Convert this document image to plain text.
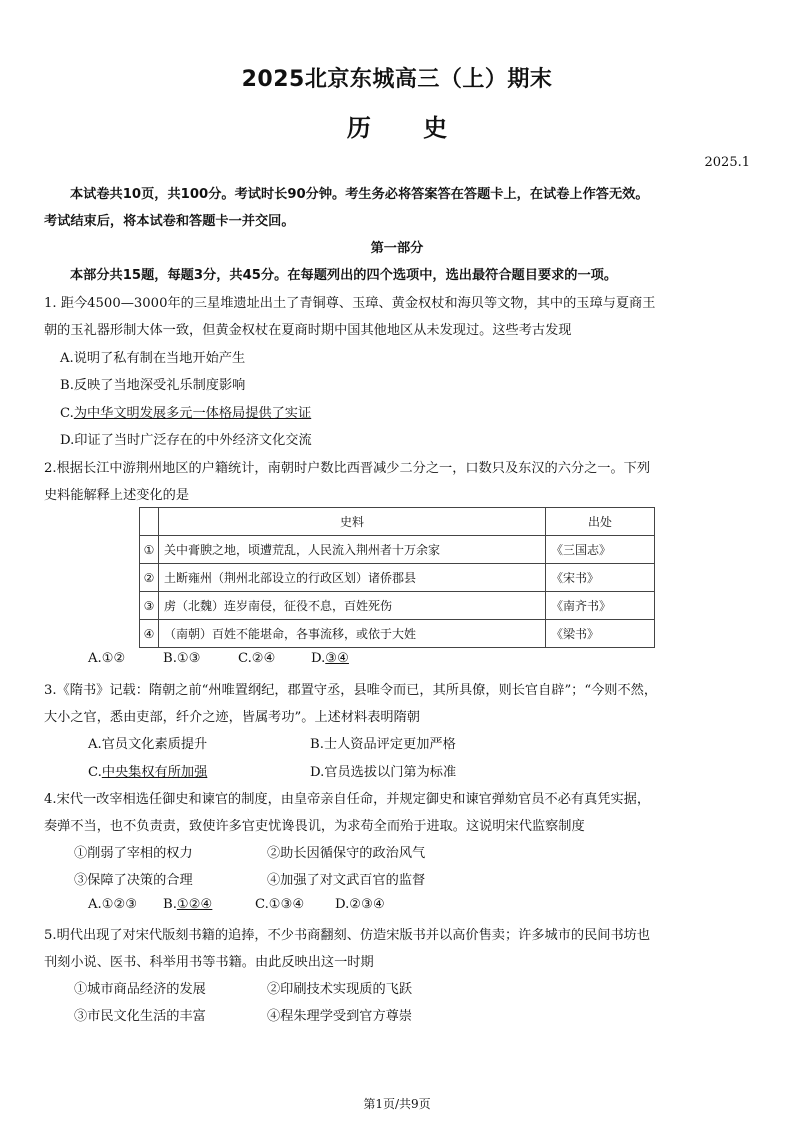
2025北京东城高三（上）期末
历 史
2025.1
本试卷共10页，共100分。考试时长90分钟。考生务必将答案答在答题卡上，在试卷上作答无效。
考试结束后，将本试卷和答题卡一并交回。
第一部分
本部分共15题，每题3分，共45分。在每题列出的四个选项中，选出最符合题目要求的一项。
1. 距今4500—3000年的三星堆遗址出土了青铜尊、玉璋、黄金权杖和海贝等文物，其中的玉璋与夏商王
朝的玉礼器形制大体一致，但黄金权杖在夏商时期中国其他地区从未发现过。这些考古发现
A.说明了私有制在当地开始产生
B.反映了当地深受礼乐制度影响
C.为中华文明发展多元一体格局提供了实证
D.印证了当时广泛存在的中外经济文化交流
2.根据长江中游荆州地区的户籍统计，南朝时户数比西晋减少二分之一，口数只及东汉的六分之一。下列
史料能解释上述变化的是
	史料	出处
①	关中膏腴之地，顷遭荒乱，人民流入荆州者十万余家	《三国志》
②	土断雍州（荆州北部设立的行政区划）诸侨郡县	《宋书》
③	虏（北魏）连岁南侵，征役不息，百姓死伤	《南齐书》
④	（南朝）百姓不能堪命，各事流移，或依于大姓	《梁书》
A.①②	B.①③	C.②④	D.③④
3.《隋书》记载：隋朝之前“州唯置纲纪，郡置守丞，县唯令而已，其所具僚，则长官自辟”；“今则不然，
大小之官，悉由吏部，纤介之迹，皆属考功”。上述材料表明隋朝
A.官员文化素质提升	B.士人资品评定更加严格
C.中央集权有所加强	D.官员选拔以门第为标准
4.宋代一改宰相选任御史和谏官的制度，由皇帝亲自任命，并规定御史和谏官弹劾官员不必有真凭实据，
奏弹不当，也不负责责，致使许多官吏忧谗畏讥，为求苟全而殆于进取。这说明宋代监察制度
①削弱了宰相的权力	②助长因循保守的政治风气
③保障了决策的合理	④加强了对文武百官的监督
A.①②③ B.①②④	C.①③④ D.②③④
5.明代出现了对宋代版刻书籍的追捧，不少书商翻刻、仿造宋版书并以高价售卖；许多城市的民间书坊也
刊刻小说、医书、科举用书等书籍。由此反映出这一时期
①城市商品经济的发展	②印刷技术实现质的飞跃
③市民文化生活的丰富	④程朱理学受到官方尊崇
第1页/共9页
